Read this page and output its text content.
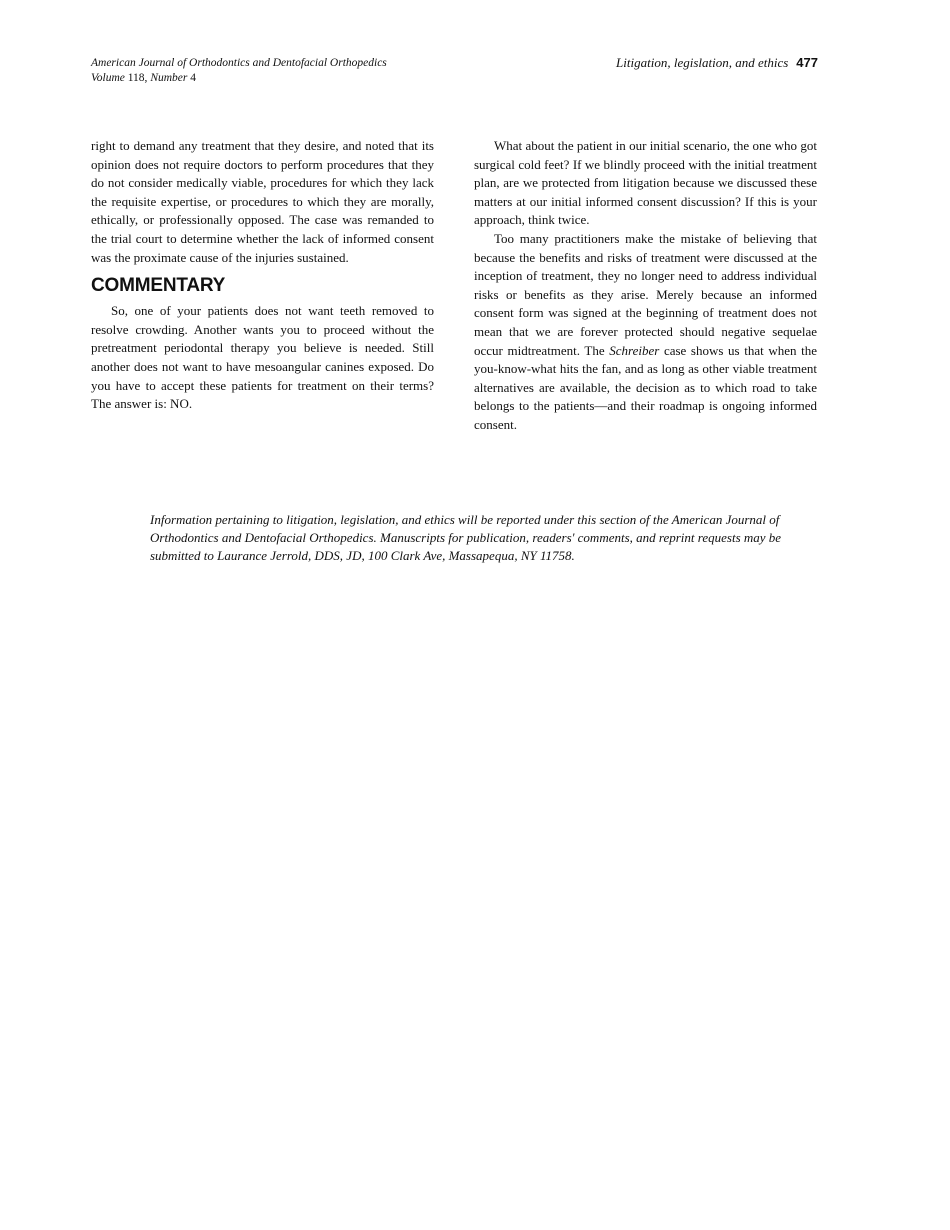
American Journal of Orthodontics and Dentofacial Orthopedics
Volume 118, Number 4
Litigation, legislation, and ethics 477

right to demand any treatment that they desire, and noted that its opinion does not require doctors to perform procedures that they do not consider medically viable, procedures for which they lack the requisite expertise, or procedures to which they are morally, ethically, or professionally opposed. The case was remanded to the trial court to determine whether the lack of informed consent was the proximate cause of the injuries sustained.

COMMENTARY

So, one of your patients does not want teeth removed to resolve crowding. Another wants you to proceed without the pretreatment periodontal therapy you believe is needed. Still another does not want to have mesoangular canines exposed. Do you have to accept these patients for treatment on their terms? The answer is: NO.

What about the patient in our initial scenario, the one who got surgical cold feet? If we blindly proceed with the initial treatment plan, are we protected from litigation because we discussed these matters at our initial informed consent discussion? If this is your approach, think twice.

Too many practitioners make the mistake of believing that because the benefits and risks of treatment were discussed at the inception of treatment, they no longer need to address individual risks or benefits as they arise. Merely because an informed consent form was signed at the beginning of treatment does not mean that we are forever protected should negative sequelae occur midtreatment. The Schreiber case shows us that when the you-know-what hits the fan, and as long as other viable treatment alternatives are available, the decision as to which road to take belongs to the patients—and their roadmap is ongoing informed consent.

Information pertaining to litigation, legislation, and ethics will be reported under this section of the American Journal of Orthodontics and Dentofacial Orthopedics. Manuscripts for publication, readers' comments, and reprint requests may be submitted to Laurance Jerrold, DDS, JD, 100 Clark Ave, Massapequa, NY 11758.
